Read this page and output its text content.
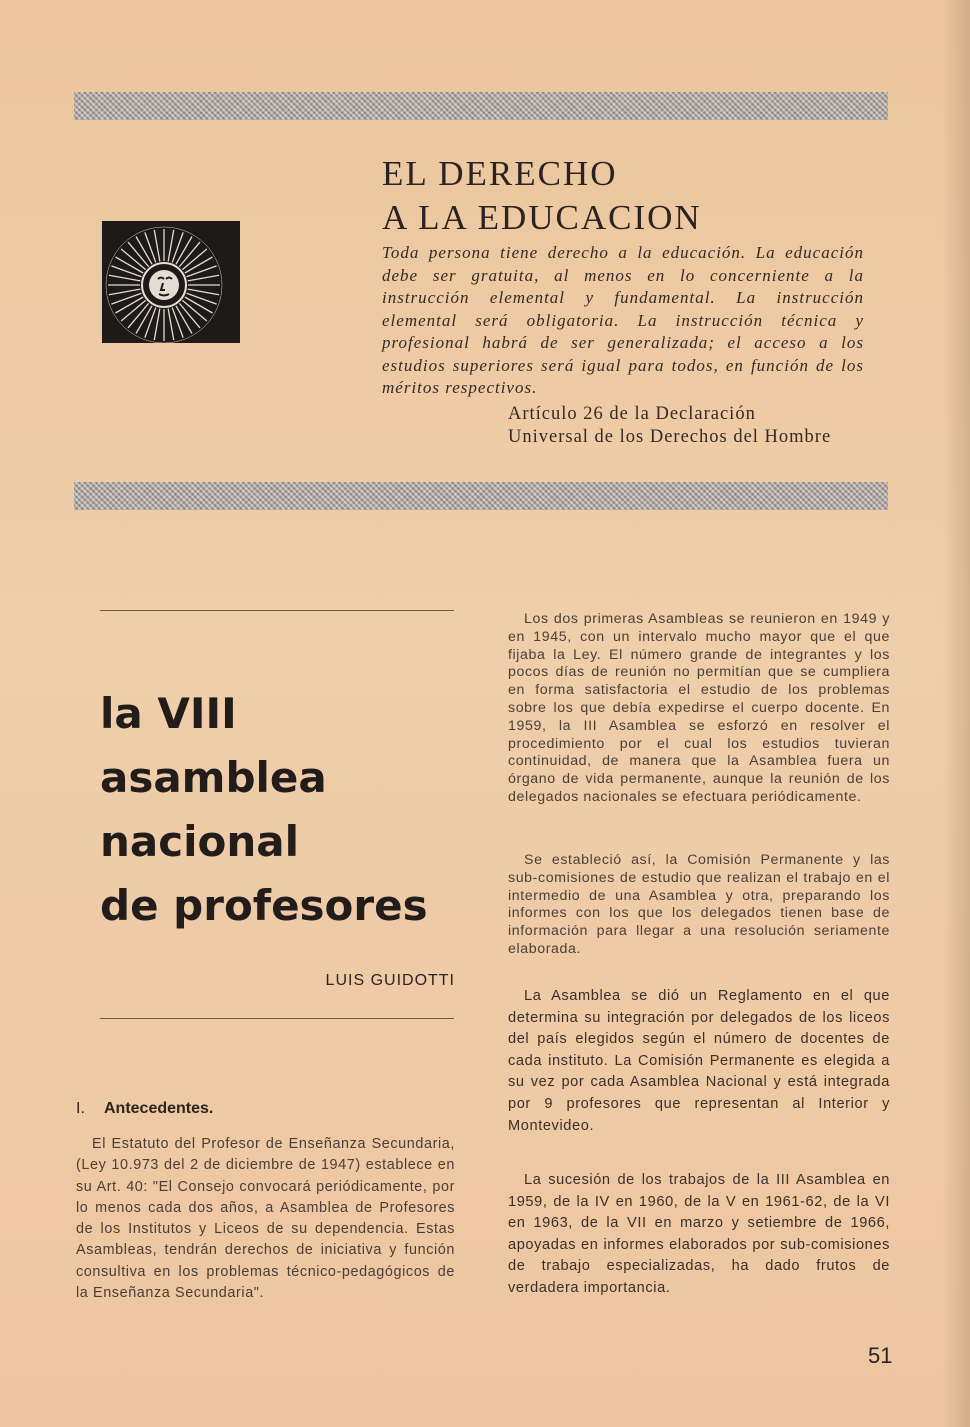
EL DERECHO
A LA EDUCACION

Toda persona tiene derecho a la educación. La educación debe ser gratuita, al menos en lo concerniente a la instrucción elemental y fundamental. La instrucción elemental será obligatoria. La instrucción técnica y profesional habrá de ser generalizada; el acceso a los estudios superiores será igual para todos, en función de los méritos respectivos.

Artículo 26 de la Declaración
Universal de los Derechos del Hombre
la VIII
asamblea
nacional
de profesores
LUIS GUIDOTTI
I. Antecedentes.

El Estatuto del Profesor de Enseñanza Secundaria, (Ley 10.973 del 2 de diciembre de 1947) establece en su Art. 40: "El Consejo convocará periódicamente, por lo menos cada dos años, a Asamblea de Profesores de los Institutos y Liceos de su dependencia. Estas Asambleas, tendrán derechos de iniciativa y función consultiva en los problemas técnico-pedagógicos de la Enseñanza Secundaria".

Los dos primeras Asambleas se reunieron en 1949 y en 1945, con un intervalo mucho mayor que el que fijaba la Ley. El número grande de integrantes y los pocos días de reunión no permitían que se cumpliera en forma satisfactoria el estudio de los problemas sobre los que debía expedirse el cuerpo docente. En 1959, la III Asamblea se esforzó en resolver el procedimiento por el cual los estudios tuvieran continuidad, de manera que la Asamblea fuera un órgano de vida permanente, aunque la reunión de los delegados nacionales se efectuara periódicamente.

Se estableció así, la Comisión Permanente y las sub-comisiones de estudio que realizan el trabajo en el intermedio de una Asamblea y otra, preparando los informes con los que los delegados tienen base de información para llegar a una resolución seriamente elaborada.

La Asamblea se dió un Reglamento en el que determina su integración por delegados de los liceos del país elegidos según el número de docentes de cada instituto. La Comisión Permanente es elegida a su vez por cada Asamblea Nacional y está integrada por 9 profesores que representan al Interior y Montevideo.

La sucesión de los trabajos de la III Asamblea en 1959, de la IV en 1960, de la V en 1961-62, de la VI en 1963, de la VII en marzo y setiembre de 1966, apoyadas en informes elaborados por sub-comisiones de trabajo especializadas, ha dado frutos de verdadera importancia.

51
